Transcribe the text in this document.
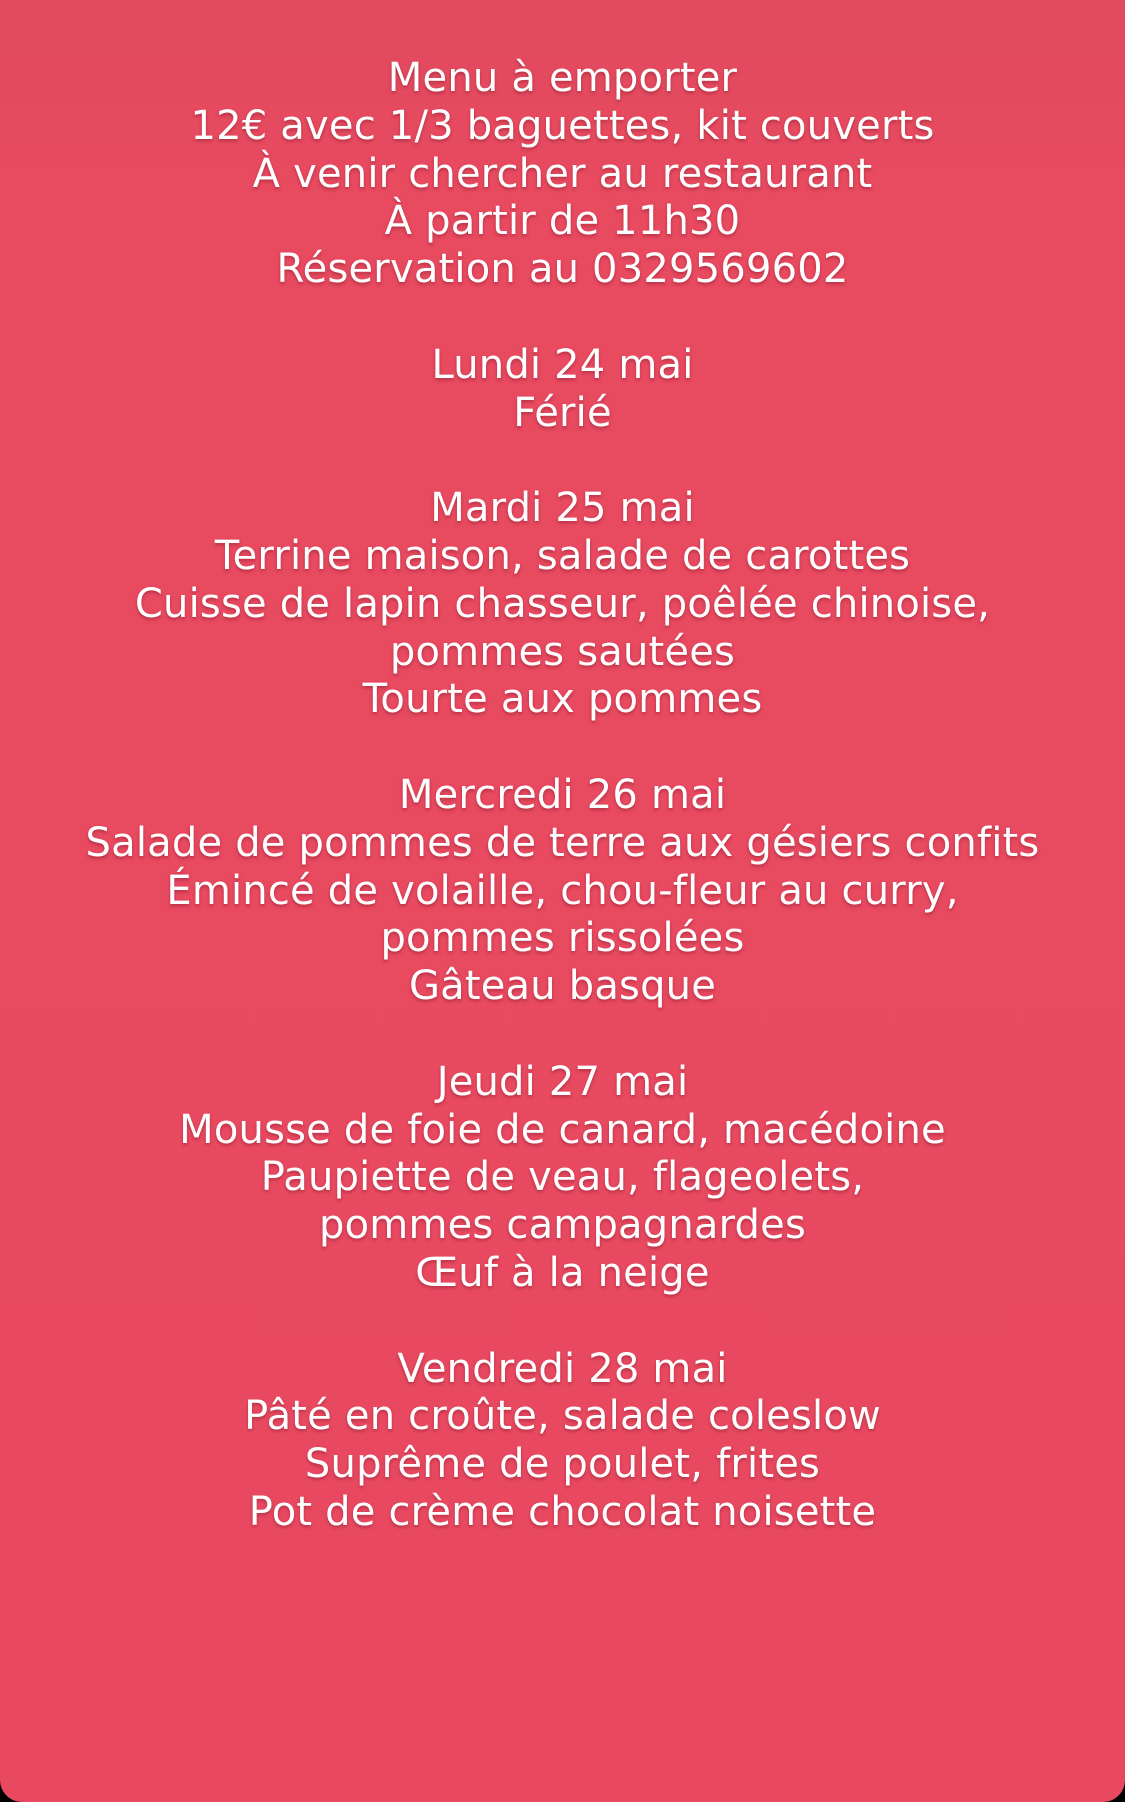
Menu à emporter
12€ avec 1/3 baguettes, kit couverts
À venir chercher au restaurant
À partir de 11h30
Réservation au 0329569602
Lundi 24 mai
Férié
Mardi 25 mai
Terrine maison, salade de carottes
Cuisse de lapin chasseur, poêlée chinoise,
pommes sautées
Tourte aux pommes
Mercredi 26 mai
Salade de pommes de terre aux gésiers confits
Émincé de volaille, chou-fleur au curry,
pommes rissolées
Gâteau basque
Jeudi 27 mai
Mousse de foie de canard, macédoine
Paupiette de veau, flageolets,
pommes campagnardes
Œuf à la neige
Vendredi 28 mai
Pâté en croûte, salade coleslow
Suprême de poulet, frites
Pot de crème chocolat noisette
